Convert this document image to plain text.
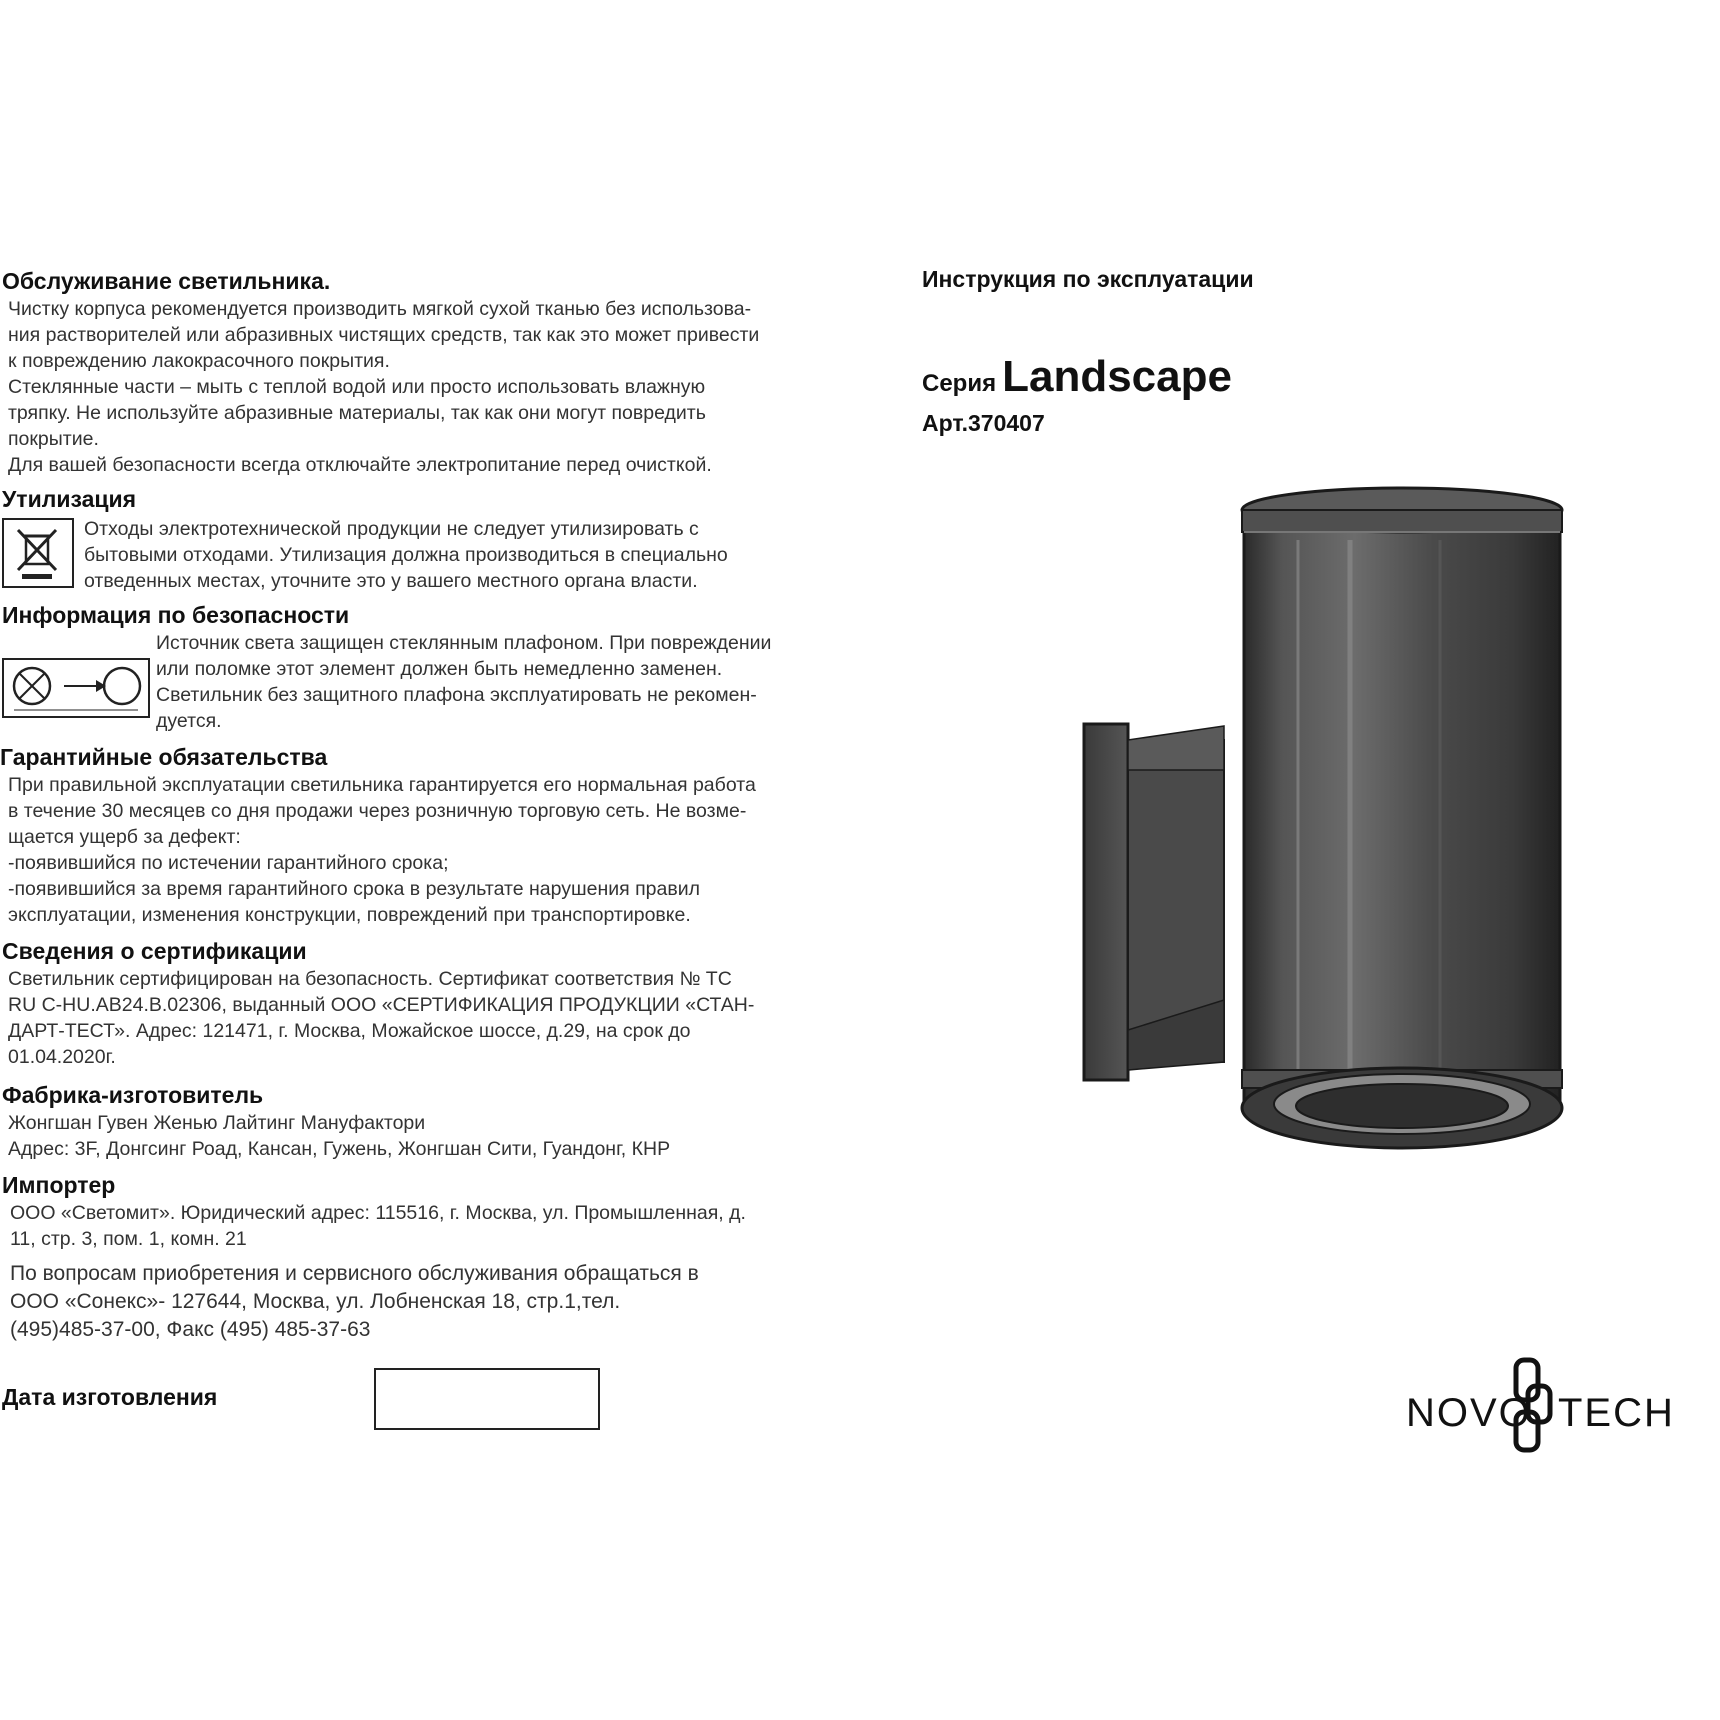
Обслуживание светильника.
Чистку корпуса рекомендуется производить мягкой сухой тканью без использова-
ния растворителей или абразивных чистящих средств, так как это может привести
к повреждению лакокрасочного покрытия.
Стеклянные части – мыть с теплой водой или просто использовать влажную
тряпку. Не используйте абразивные материалы, так как они могут повредить
покрытие.
Для вашей безопасности всегда отключайте электропитание перед очисткой.
Утилизация
Отходы электротехнической продукции не следует утилизировать с
бытовыми отходами. Утилизация должна производиться в специально
отведенных местах, уточните это у вашего местного органа власти.
Информация по безопасности
Источник света защищен стеклянным плафоном. При повреждении
или поломке этот элемент должен быть немедленно заменен.
Светильник без защитного плафона эксплуатировать не рекомен-
дуется.
Гарантийные обязательства
При правильной эксплуатации светильника гарантируется его нормальная работа
в течение 30 месяцев со дня продажи через розничную торговую сеть. Не возме-
щается ущерб за дефект:
-появившийся по истечении гарантийного срока;
-появившийся за время гарантийного срока в результате нарушения правил
эксплуатации, изменения конструкции, повреждений при транспортировке.
Сведения о сертификации
Светильник сертифицирован на безопасность. Сертификат соответствия № ТС
RU C-HU.AB24.B.02306, выданный ООО «СЕРТИФИКАЦИЯ ПРОДУКЦИИ «СТАН-
ДАРТ-ТЕСТ». Адрес: 121471, г. Москва, Можайское шоссе, д.29, на срок до
01.04.2020г.
Фабрика-изготовитель
Жонгшан Гувен Женью Лайтинг Мануфактори
Адрес: 3F, Донгсинг Роад, Кансан, Гужень, Жонгшан Сити, Гуандонг, КНР
Импортер
ООО «Светомит». Юридический адрес: 115516, г. Москва, ул. Промышленная, д.
11, стр. 3, пом. 1, комн. 21
По вопросам приобретения и сервисного обслуживания обращаться в
ООО «Сонекс»- 127644, Москва, ул. Лобненская 18, стр.1,тел.
(495)485-37-00, Факс (495) 485-37-63
Дата изготовления
Инструкция по эксплуатации
Серия Landscape
Арт.370407
NOVO TECH
